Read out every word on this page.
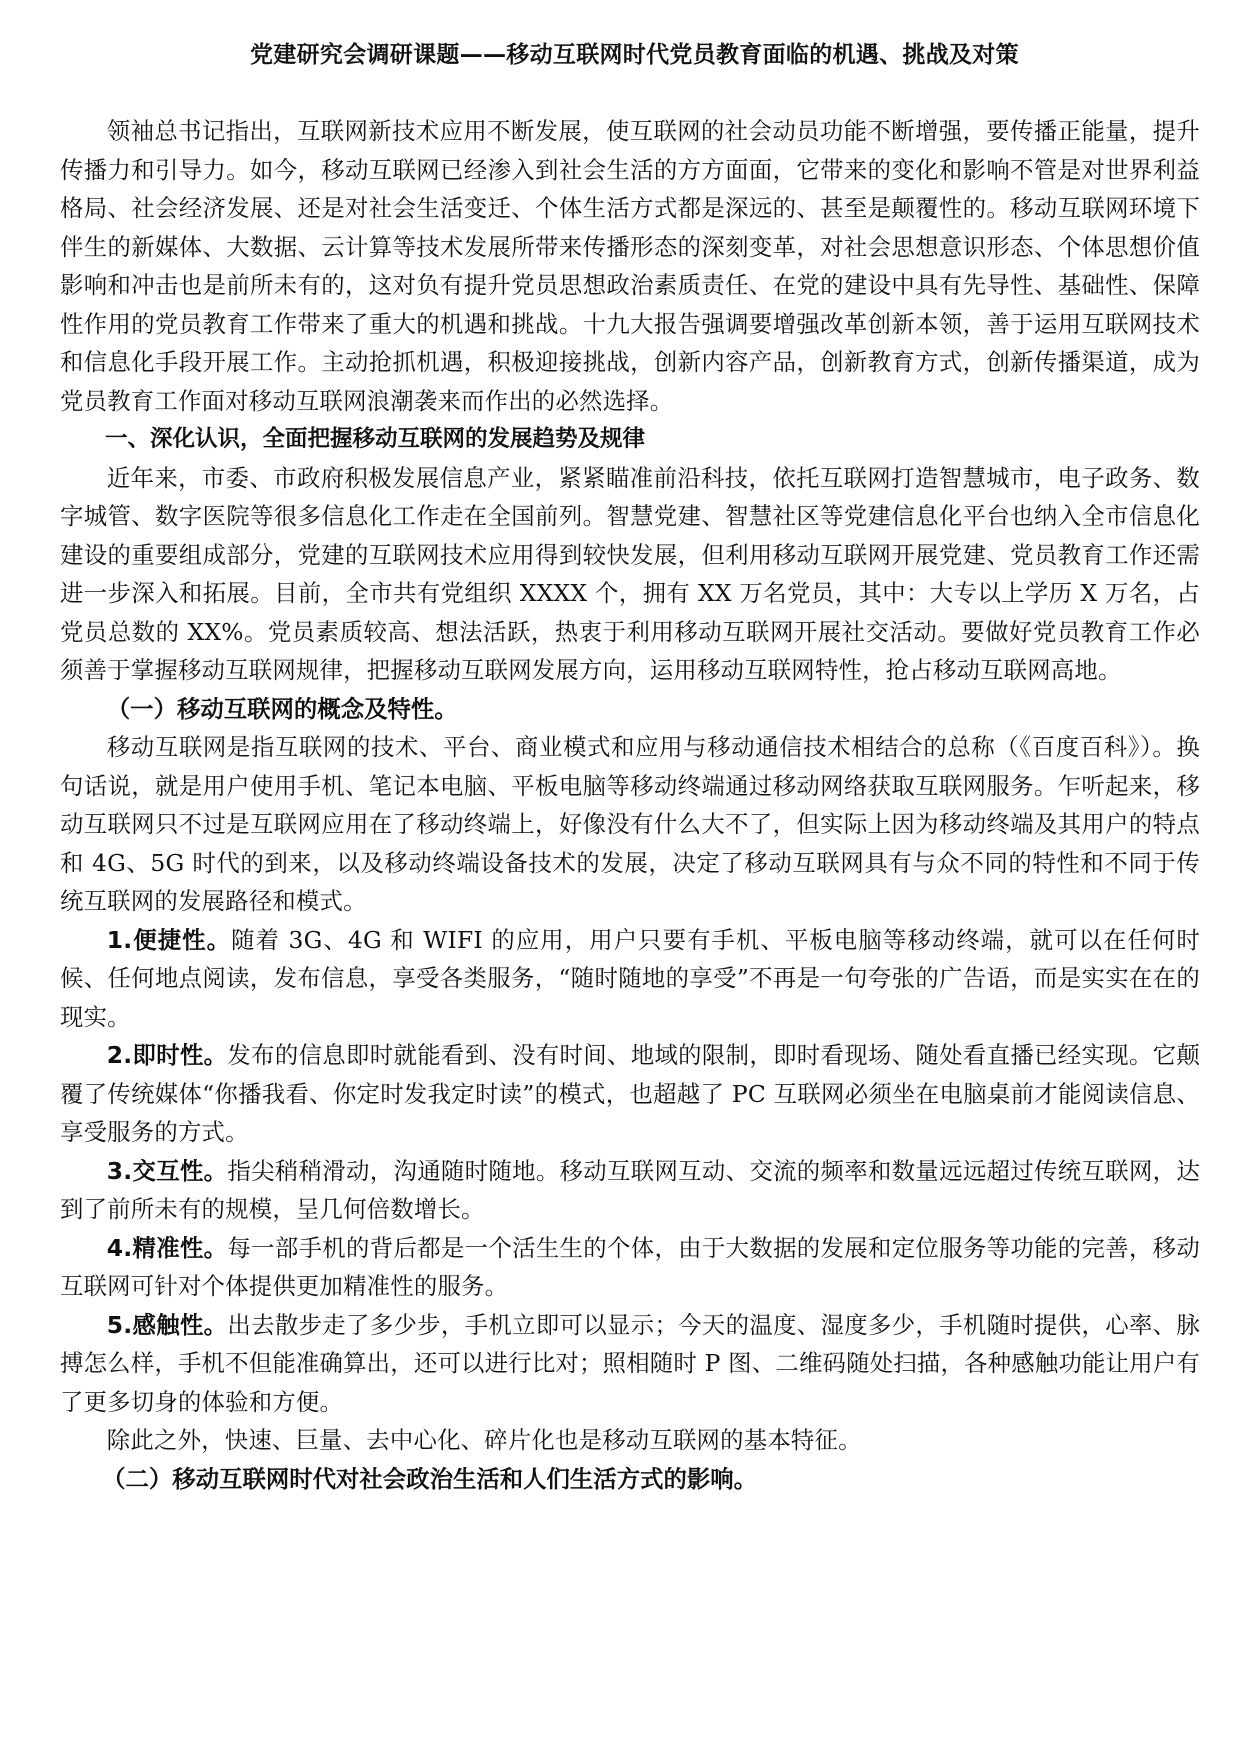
党建研究会调研课题——移动互联网时代党员教育面临的机遇、挑战及对策

领袖总书记指出，互联网新技术应用不断发展，使互联网的社会动员功能不断增强，要传播正能量，提升传播力和引导力。如今，移动互联网已经渗入到社会生活的方方面面，它带来的变化和影响不管是对世界利益格局、社会经济发展、还是对社会生活变迁、个体生活方式都是深远的、甚至是颠覆性的。移动互联网环境下伴生的新媒体、大数据、云计算等技术发展所带来传播形态的深刻变革，对社会思想意识形态、个体思想价值影响和冲击也是前所未有的，这对负有提升党员思想政治素质责任、在党的建设中具有先导性、基础性、保障性作用的党员教育工作带来了重大的机遇和挑战。十九大报告强调要增强改革创新本领，善于运用互联网技术和信息化手段开展工作。主动抢抓机遇，积极迎接挑战，创新内容产品，创新教育方式，创新传播渠道，成为党员教育工作面对移动互联网浪潮袭来而作出的必然选择。

一、深化认识，全面把握移动互联网的发展趋势及规律

近年来，市委、市政府积极发展信息产业，紧紧瞄准前沿科技，依托互联网打造智慧城市，电子政务、数字城管、数字医院等很多信息化工作走在全国前列。智慧党建、智慧社区等党建信息化平台也纳入全市信息化建设的重要组成部分，党建的互联网技术应用得到较快发展，但利用移动互联网开展党建、党员教育工作还需进一步深入和拓展。目前，全市共有党组织 XXXX 个，拥有 XX 万名党员，其中：大专以上学历 X 万名，占党员总数的 XX%。党员素质较高、想法活跃，热衷于利用移动互联网开展社交活动。要做好党员教育工作必须善于掌握移动互联网规律，把握移动互联网发展方向，运用移动互联网特性，抢占移动互联网高地。

（一）移动互联网的概念及特性。

移动互联网是指互联网的技术、平台、商业模式和应用与移动通信技术相结合的总称（《百度百科》）。换句话说，就是用户使用手机、笔记本电脑、平板电脑等移动终端通过移动网络获取互联网服务。乍听起来，移动互联网只不过是互联网应用在了移动终端上，好像没有什么大不了，但实际上因为移动终端及其用户的特点和 4G、5G 时代的到来，以及移动终端设备技术的发展，决定了移动互联网具有与众不同的特性和不同于传统互联网的发展路径和模式。

1.便捷性。随着 3G、4G 和 WIFI 的应用，用户只要有手机、平板电脑等移动终端，就可以在任何时候、任何地点阅读，发布信息，享受各类服务，“随时随地的享受”不再是一句夸张的广告语，而是实实在在的现实。

2.即时性。发布的信息即时就能看到、没有时间、地域的限制，即时看现场、随处看直播已经实现。它颠覆了传统媒体“你播我看、你定时发我定时读”的模式，也超越了 PC 互联网必须坐在电脑桌前才能阅读信息、享受服务的方式。

3.交互性。指尖稍稍滑动，沟通随时随地。移动互联网互动、交流的频率和数量远远超过传统互联网，达到了前所未有的规模，呈几何倍数增长。

4.精准性。每一部手机的背后都是一个活生生的个体，由于大数据的发展和定位服务等功能的完善，移动互联网可针对个体提供更加精准性的服务。

5.感触性。出去散步走了多少步，手机立即可以显示；今天的温度、湿度多少，手机随时提供，心率、脉搏怎么样，手机不但能准确算出，还可以进行比对；照相随时 P 图、二维码随处扫描，各种感触功能让用户有了更多切身的体验和方便。

除此之外，快速、巨量、去中心化、碎片化也是移动互联网的基本特征。

（二）移动互联网时代对社会政治生活和人们生活方式的影响。
